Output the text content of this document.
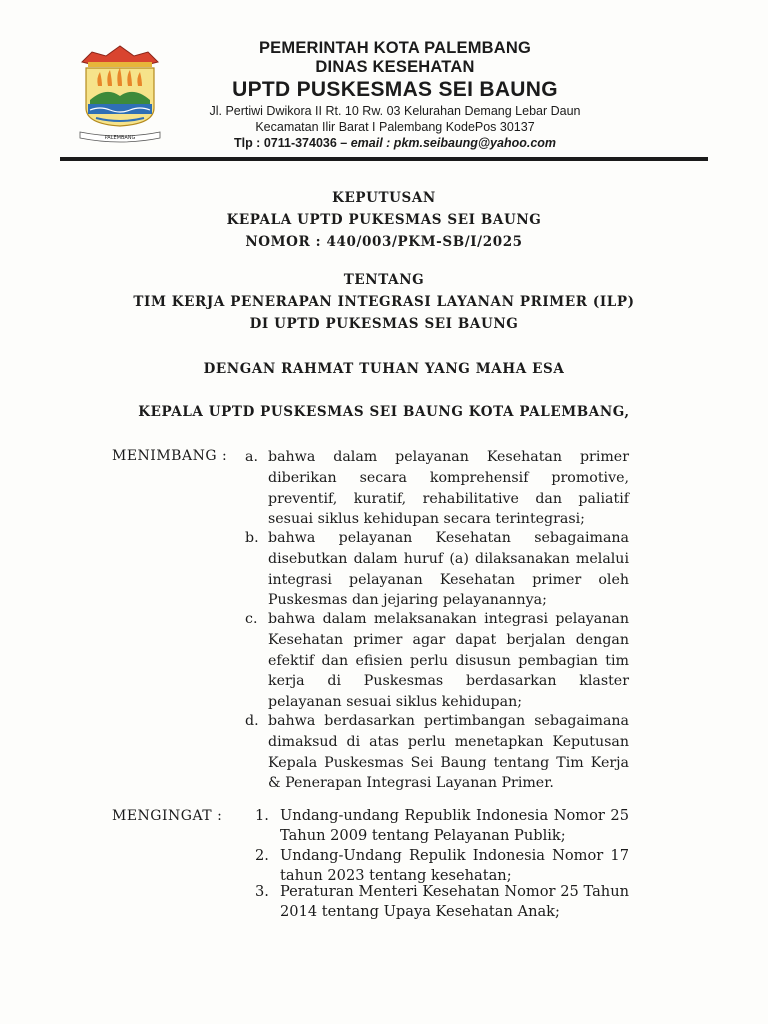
PALEMBANG
PEMERINTAH KOTA PALEMBANG
DINAS KESEHATAN
UPTD PUSKESMAS SEI BAUNG
Jl. Pertiwi Dwikora II Rt. 10 Rw. 03 Kelurahan Demang Lebar Daun
Kecamatan Ilir Barat I Palembang KodePos 30137
Tlp : 0711-374036 – email : pkm.seibaung@yahoo.com
KEPUTUSAN
KEPALA UPTD PUKESMAS SEI BAUNG
NOMOR : 440/003/PKM-SB/I/2025
TENTANG
TIM KERJA PENERAPAN INTEGRASI LAYANAN PRIMER (ILP)
DI UPTD PUKESMAS SEI BAUNG
DENGAN RAHMAT TUHAN YANG MAHA ESA
KEPALA UPTD PUSKESMAS SEI BAUNG KOTA PALEMBANG,
MENIMBANG : a. bahwa dalam pelayanan Kesehatan primer diberikan secara komprehensif promotive, preventif, kuratif, rehabilitative dan paliatif sesuai siklus kehidupan secara terintegrasi;
b. bahwa pelayanan Kesehatan sebagaimana disebutkan dalam huruf (a) dilaksanakan melalui integrasi pelayanan Kesehatan primer oleh Puskesmas dan jejaring pelayanannya;
c. bahwa dalam melaksanakan integrasi pelayanan Kesehatan primer agar dapat berjalan dengan efektif dan efisien perlu disusun pembagian tim kerja di Puskesmas berdasarkan klaster pelayanan sesuai siklus kehidupan;
d. bahwa berdasarkan pertimbangan sebagaimana dimaksud di atas perlu menetapkan Keputusan Kepala Puskesmas Sei Baung tentang Tim Kerja & Penerapan Integrasi Layanan Primer.
MENGINGAT : 1. Undang-undang Republik Indonesia Nomor 25 Tahun 2009 tentang Pelayanan Publik;
2. Undang-Undang Repulik Indonesia Nomor 17 tahun 2023 tentang kesehatan;
3. Peraturan Menteri Kesehatan Nomor 25 Tahun 2014 tentang Upaya Kesehatan Anak;
